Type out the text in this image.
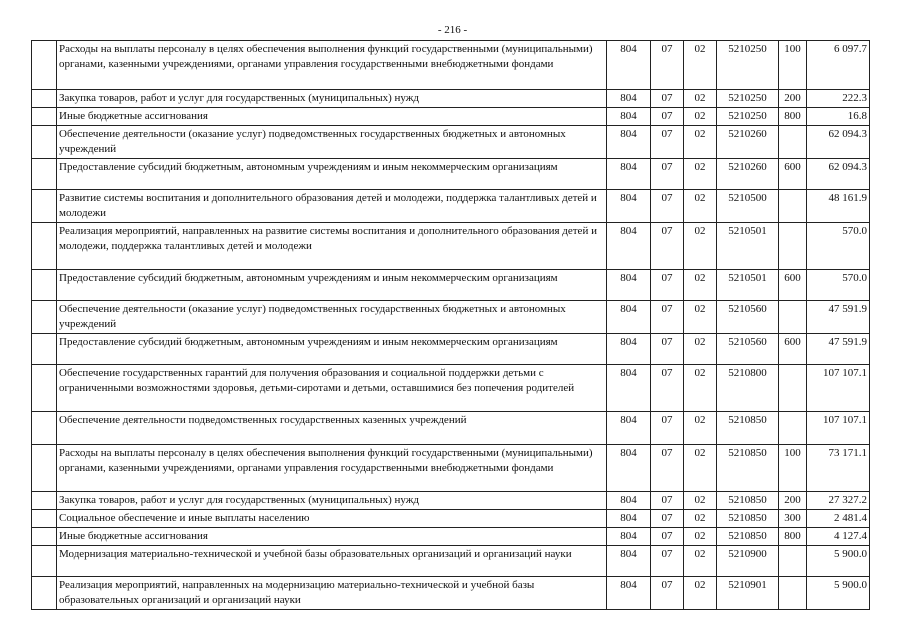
- 216 -
	Расходы на выплаты персоналу в целях обеспечения выполнения функций государственными (муниципальными) органами, казенными учреждениями, органами управления государственными внебюджетными фондами	804	07	02	5210250	100	6 097.7
	Закупка товаров, работ и услуг для государственных (муниципальных) нужд	804	07	02	5210250	200	222.3
	Иные бюджетные ассигнования	804	07	02	5210250	800	16.8
	Обеспечение деятельности (оказание услуг) подведомственных государственных бюджетных и автономных учреждений	804	07	02	5210260		62 094.3
	Предоставление субсидий бюджетным, автономным учреждениям и иным некоммерческим организациям	804	07	02	5210260	600	62 094.3
	Развитие системы воспитания и дополнительного образования детей и молодежи, поддержка талантливых детей и молодежи	804	07	02	5210500		48 161.9
	Реализация мероприятий, направленных на развитие системы воспитания и дополнительного образования детей и молодежи, поддержка талантливых детей и молодежи	804	07	02	5210501		570.0
	Предоставление субсидий бюджетным, автономным учреждениям и иным некоммерческим организациям	804	07	02	5210501	600	570.0
	Обеспечение деятельности (оказание услуг) подведомственных государственных бюджетных и автономных учреждений	804	07	02	5210560		47 591.9
	Предоставление субсидий бюджетным, автономным учреждениям и иным некоммерческим организациям	804	07	02	5210560	600	47 591.9
	Обеспечение государственных гарантий для получения образования и социальной поддержки детьми с ограниченными возможностями здоровья, детьми-сиротами и детьми, оставшимися без попечения родителей	804	07	02	5210800		107 107.1
	Обеспечение деятельности подведомственных государственных казенных учреждений	804	07	02	5210850		107 107.1
	Расходы на выплаты персоналу в целях обеспечения выполнения функций государственными (муниципальными) органами, казенными учреждениями, органами управления государственными внебюджетными фондами	804	07	02	5210850	100	73 171.1
	Закупка товаров, работ и услуг для государственных (муниципальных) нужд	804	07	02	5210850	200	27 327.2
	Социальное обеспечение и иные выплаты населению	804	07	02	5210850	300	2 481.4
	Иные бюджетные ассигнования	804	07	02	5210850	800	4 127.4
	Модернизация материально-технической и учебной базы образовательных организаций и организаций науки	804	07	02	5210900		5 900.0
	Реализация мероприятий, направленных на модернизацию материально-технической и учебной базы образовательных организаций и организаций науки	804	07	02	5210901		5 900.0
